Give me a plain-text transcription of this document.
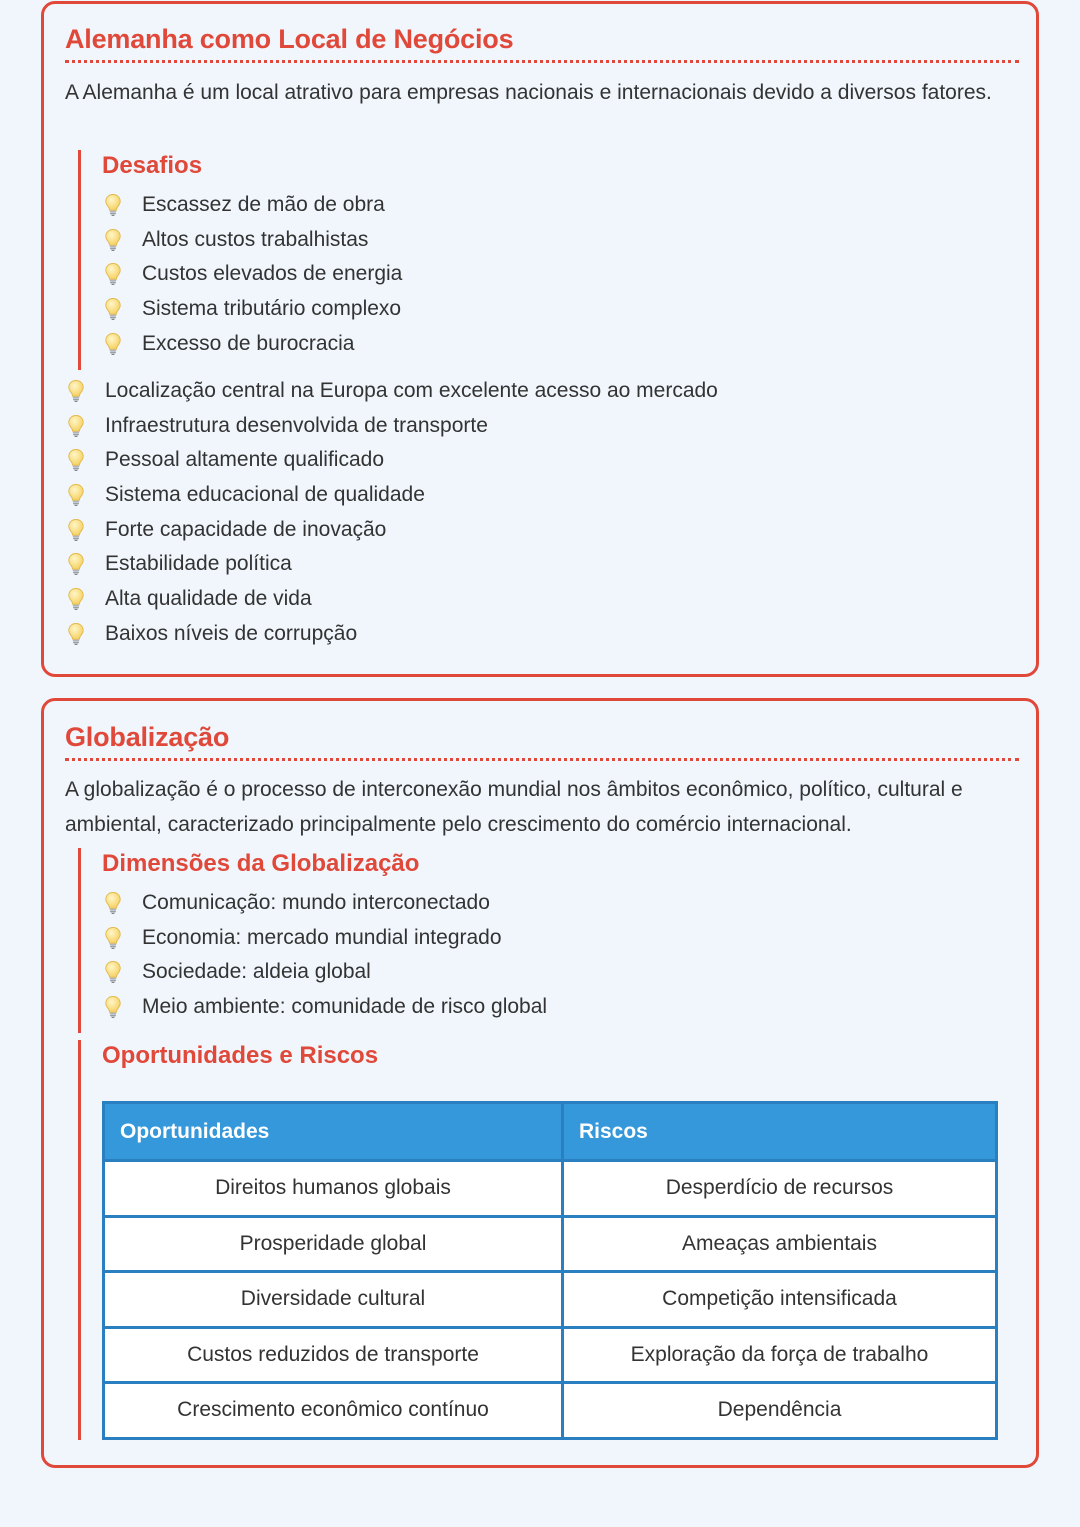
Alemanha como Local de Negócios
A Alemanha é um local atrativo para empresas nacionais e internacionais devido a diversos fatores.
Desafios
Escassez de mão de obra
Altos custos trabalhistas
Custos elevados de energia
Sistema tributário complexo
Excesso de burocracia
Localização central na Europa com excelente acesso ao mercado
Infraestrutura desenvolvida de transporte
Pessoal altamente qualificado
Sistema educacional de qualidade
Forte capacidade de inovação
Estabilidade política
Alta qualidade de vida
Baixos níveis de corrupção
Globalização
A globalização é o processo de interconexão mundial nos âmbitos econômico, político, cultural e ambiental, caracterizado principalmente pelo crescimento do comércio internacional.
Dimensões da Globalização
Comunicação: mundo interconectado
Economia: mercado mundial integrado
Sociedade: aldeia global
Meio ambiente: comunidade de risco global
Oportunidades e Riscos
Oportunidades	Riscos
Direitos humanos globais	Desperdício de recursos
Prosperidade global	Ameaças ambientais
Diversidade cultural	Competição intensificada
Custos reduzidos de transporte	Exploração da força de trabalho
Crescimento econômico contínuo	Dependência
